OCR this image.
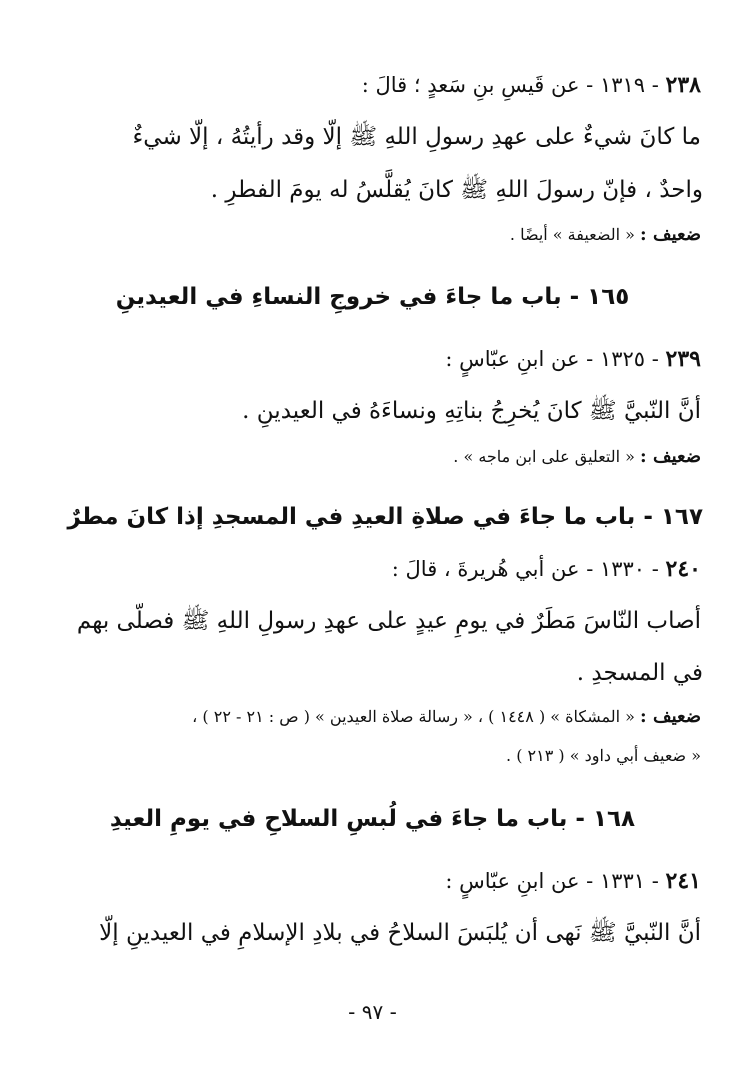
٢٣٨ - ١٣١٩ - عن قَيسِ بنِ سَعدٍ ؛ قالَ :
ما كانَ شيءٌ على عهدِ رسولِ اللهِ ﷺ إلّا وقد رأيتُهُ ، إلّا شيءٌ
واحدٌ ، فإنّ رسولَ اللهِ ﷺ كانَ يُقلَّسُ له يومَ الفطرِ .
ضعيف : « الضعيفة » أيضًا .
١٦٥ - باب ما جاءَ في خروجِ النساءِ في العيدينِ
٢٣٩ - ١٣٢٥ - عن ابنِ عبّاسٍ :
أنَّ النّبيَّ ﷺ كانَ يُخرِجُ بناتِهِ ونساءَهُ في العيدينِ .
ضعيف : « التعليق على ابن ماجه » .
١٦٧ - باب ما جاءَ في صلاةِ العيدِ في المسجدِ إذا كانَ مطرٌ
٢٤٠ - ١٣٣٠ - عن أبي هُريرةَ ، قالَ :
أصاب النّاسَ مَطَرٌ في يومِ عيدٍ على عهدِ رسولِ اللهِ ﷺ فصلّى بهم
في المسجدِ .
ضعيف : « المشكاة » ( ١٤٤٨ ) ، « رسالة صلاة العيدين » ( ص : ٢١ - ٢٢ ) ،
« ضعيف أبي داود » ( ٢١٣ ) .
١٦٨ - باب ما جاءَ في لُبسِ السلاحِ في يومِ العيدِ
٢٤١ - ١٣٣١ - عن ابنِ عبّاسٍ :
أنَّ النّبيَّ ﷺ نَهى أن يُلبَسَ السلاحُ في بلادِ الإسلامِ في العيدينِ إلّا
- ٩٧ -
